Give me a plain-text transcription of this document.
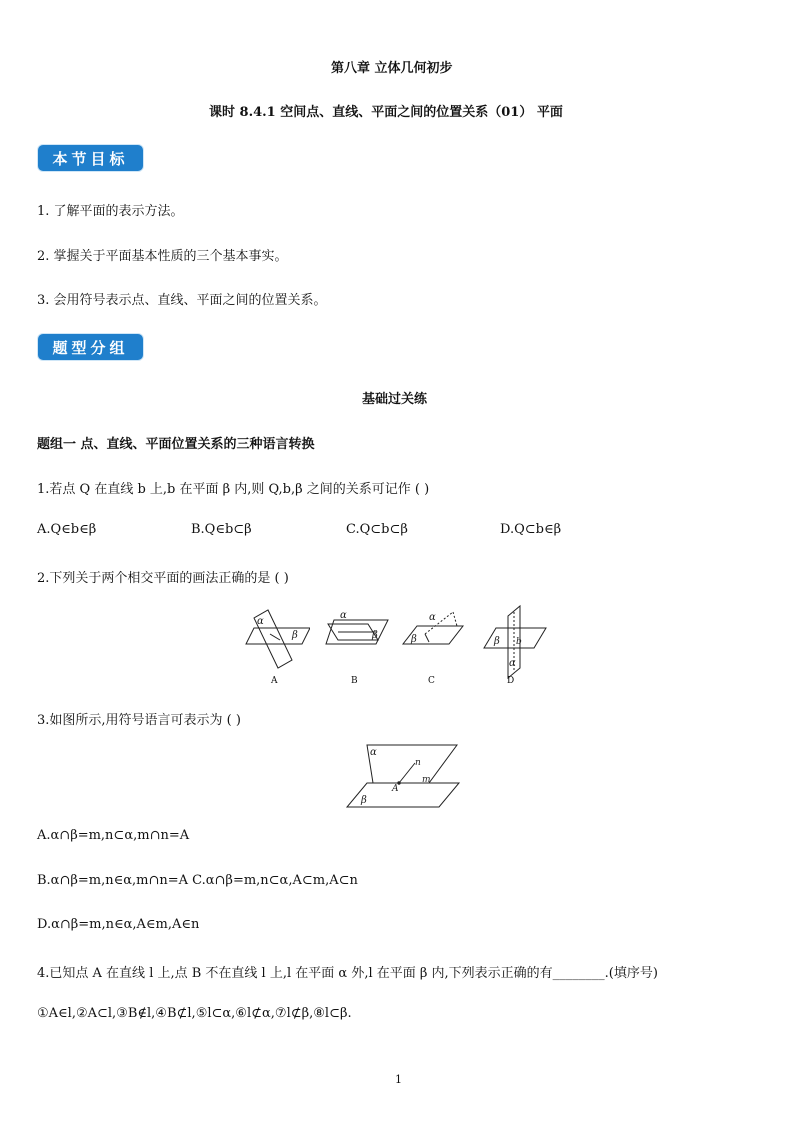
第八章 立体几何初步
课时 8.4.1 空间点、直线、平面之间的位置关系（01） 平面
本节目标
1. 了解平面的表示方法。
2. 掌握关于平面基本性质的三个基本事实。
3. 会用符号表示点、直线、平面之间的位置关系。
题型分组
基础过关练
题组一 点、直线、平面位置关系的三种语言转换
1.若点 Q 在直线 b 上,b 在平面 β 内,则 Q,b,β 之间的关系可记作 ( )
A.Q∈b∈β	B.Q∈b⊂β	C.Q⊂b⊂β	D.Q⊂b∈β
2.下列关于两个相交平面的画法正确的是 ( )
α
β
A
α
β
B
α
β
C
β b
α
D
3.如图所示,用符号语言可表示为 ( )
α
β
n
m
A
A.α∩β=m,n⊂α,m∩n=A
B.α∩β=m,n∈α,m∩n=A C.α∩β=m,n⊂α,A⊂m,A⊂n
D.α∩β=m,n∈α,A∈m,A∈n
4.已知点 A 在直线 l 上,点 B 不在直线 l 上,l 在平面 α 外,l 在平面 β 内,下列表示正确的有________.(填序号)
①A∈l,②A⊂l,③B∉l,④B⊄l,⑤l⊂α,⑥l⊄α,⑦l⊄β,⑧l⊂β.
1
